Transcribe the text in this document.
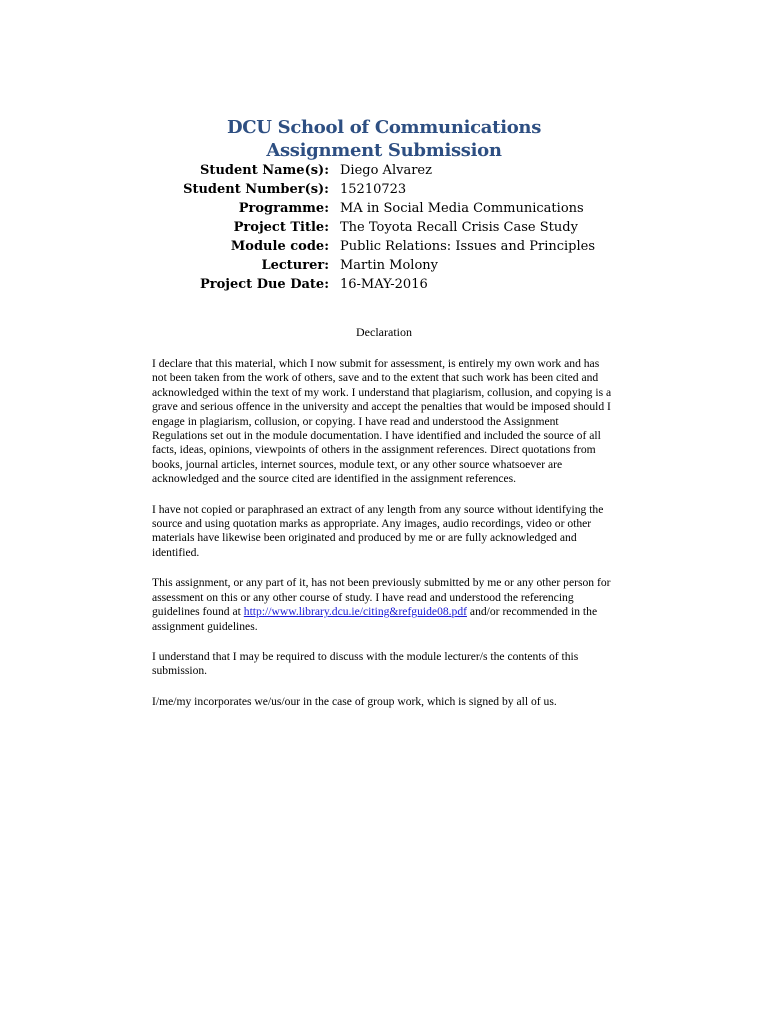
DCU School of Communications
Assignment Submission
Student Name(s):		Diego Alvarez
Student Number(s):		15210723
Programme:		MA in Social Media Communications
Project Title:		The Toyota Recall Crisis Case Study
Module code:		Public Relations: Issues and Principles
Lecturer:		Martin Molony
Project Due Date:		16-MAY-2016
Declaration

I declare that this material, which I now submit for assessment, is entirely my own work and has not been taken from the work of others, save and to the extent that such work has been cited and acknowledged within the text of my work. I understand that plagiarism, collusion, and copying is a grave and serious offence in the university and accept the penalties that would be imposed should I engage in plagiarism, collusion, or copying. I have read and understood the Assignment Regulations set out in the module documentation. I have identified and included the source of all facts, ideas, opinions, viewpoints of others in the assignment references. Direct quotations from books, journal articles, internet sources, module text, or any other source whatsoever are acknowledged and the source cited are identified in the assignment references.

I have not copied or paraphrased an extract of any length from any source without identifying the source and using quotation marks as appropriate. Any images, audio recordings, video or other materials have likewise been originated and produced by me or are fully acknowledged and identified.

This assignment, or any part of it, has not been previously submitted by me or any other person for assessment on this or any other course of study. I have read and understood the referencing guidelines found at http://www.library.dcu.ie/citing&refguide08.pdf and/or recommended in the assignment guidelines.

I understand that I may be required to discuss with the module lecturer/s the contents of this submission.

I/me/my incorporates we/us/our in the case of group work, which is signed by all of us.
